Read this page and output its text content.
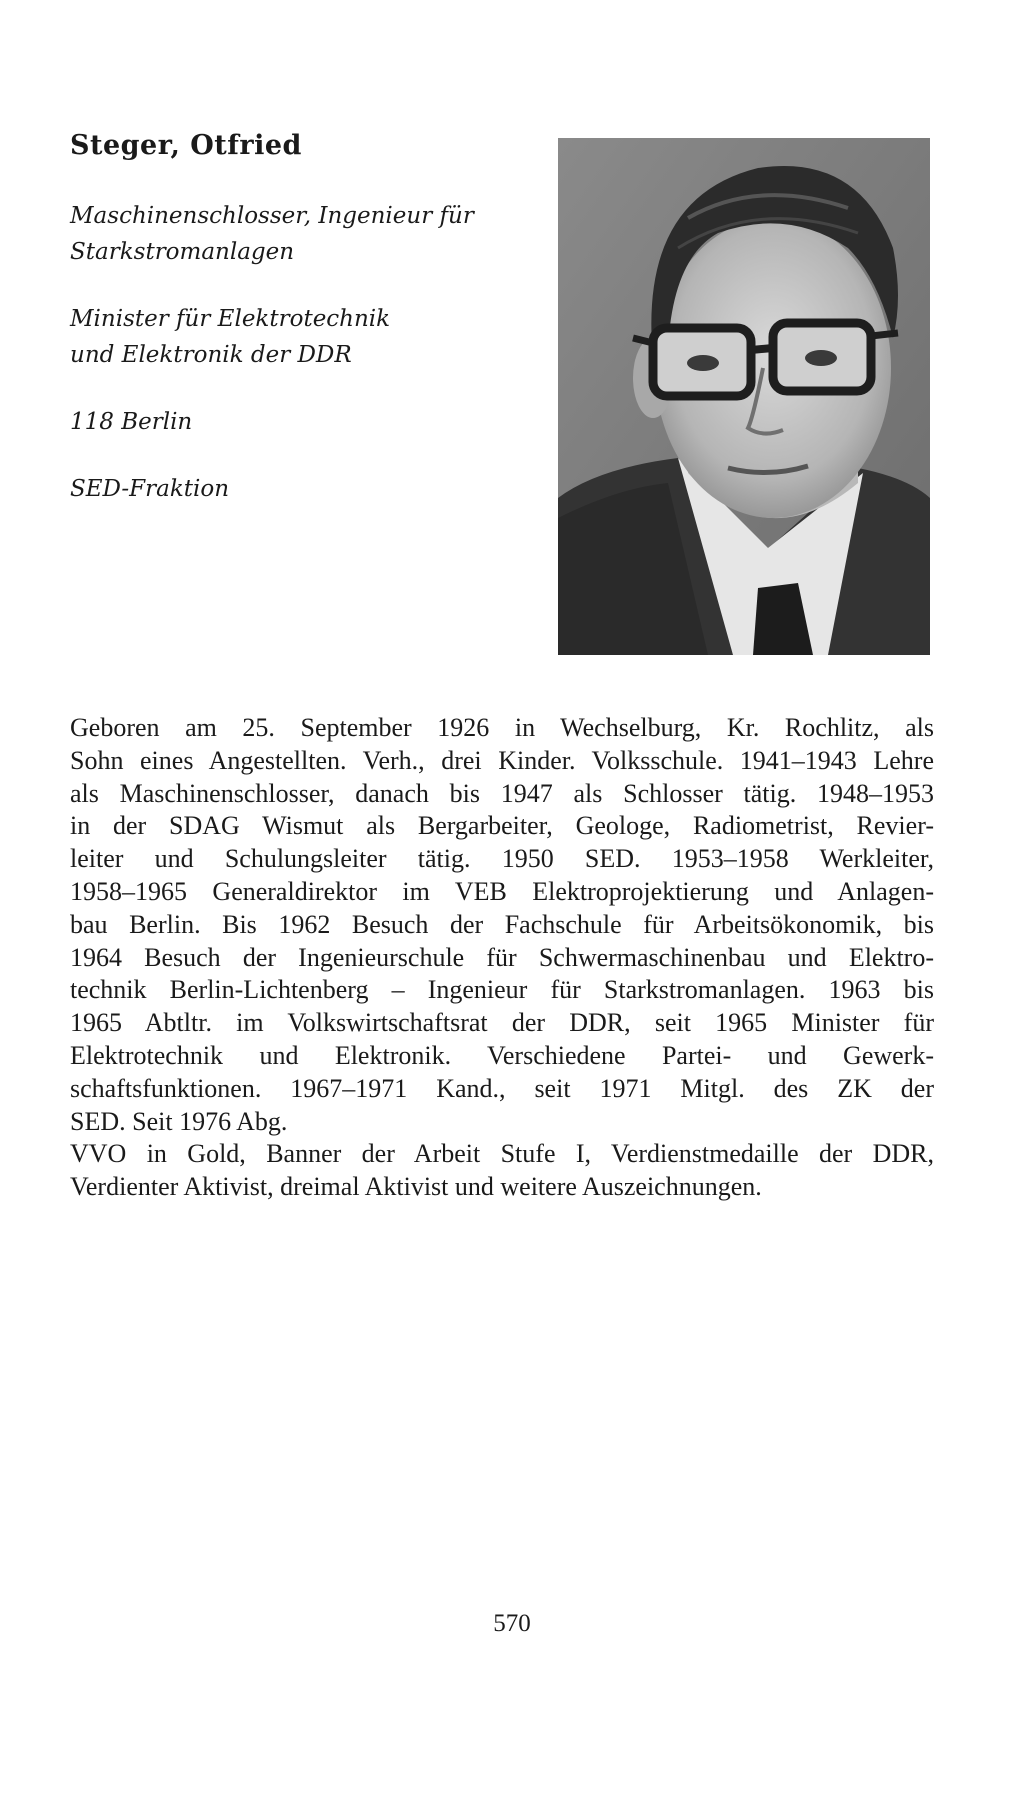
Steger, Otfried
Maschinenschlosser, Ingenieur für
Starkstromanlagen
Minister für Elektrotechnik
und Elektronik der DDR
118 Berlin
SED-Fraktion
Geboren am 25. September 1926 in Wechselburg, Kr. Rochlitz, als
Sohn eines Angestellten. Verh., drei Kinder. Volksschule. 1941–1943 Lehre
als Maschinenschlosser, danach bis 1947 als Schlosser tätig. 1948–1953
in der SDAG Wismut als Bergarbeiter, Geologe, Radiometrist, Revier-
leiter und Schulungsleiter tätig. 1950 SED. 1953–1958 Werkleiter,
1958–1965 Generaldirektor im VEB Elektroprojektierung und Anlagen-
bau Berlin. Bis 1962 Besuch der Fachschule für Arbeitsökonomik, bis
1964 Besuch der Ingenieurschule für Schwermaschinenbau und Elektro-
technik Berlin-Lichtenberg – Ingenieur für Starkstromanlagen. 1963 bis
1965 Abtltr. im Volkswirtschaftsrat der DDR, seit 1965 Minister für
Elektrotechnik und Elektronik. Verschiedene Partei- und Gewerk-
schaftsfunktionen. 1967–1971 Kand., seit 1971 Mitgl. des ZK der
SED. Seit 1976 Abg.
VVO in Gold, Banner der Arbeit Stufe I, Verdienstmedaille der DDR,
Verdienter Aktivist, dreimal Aktivist und weitere Auszeichnungen.
570
